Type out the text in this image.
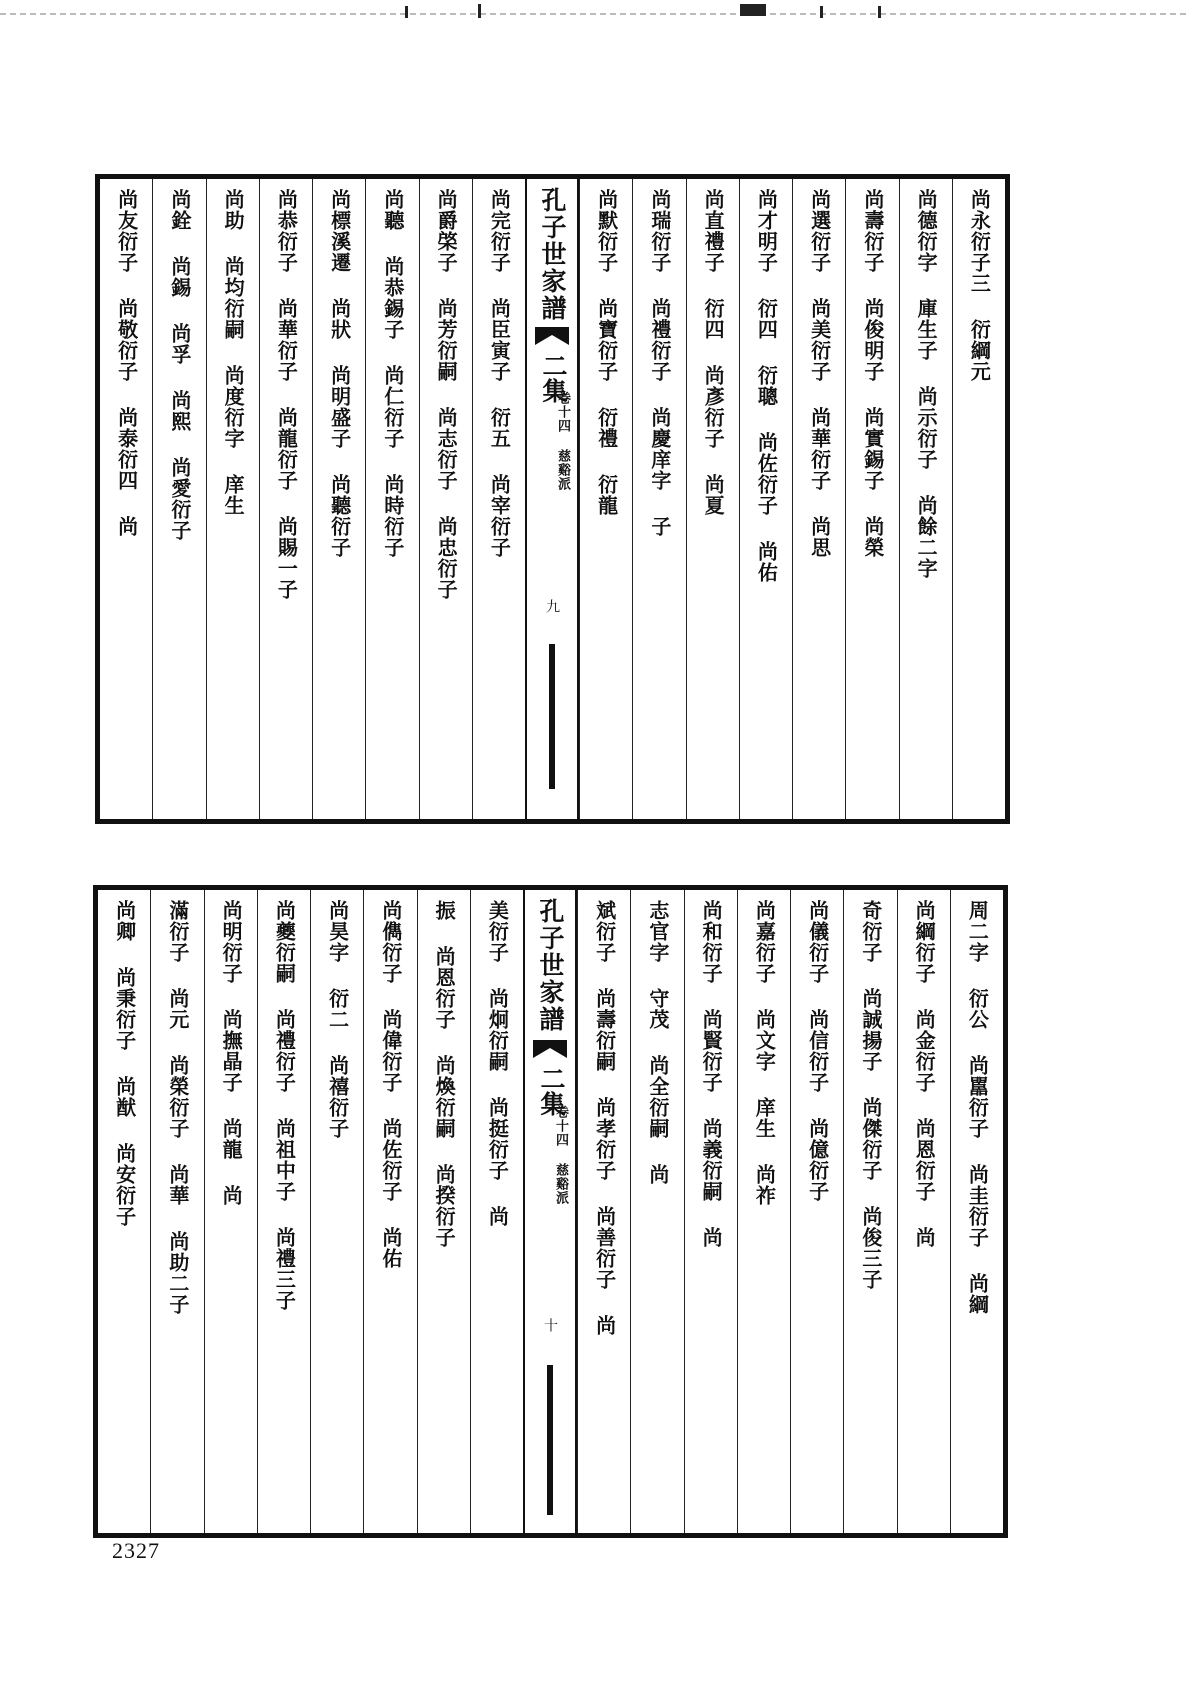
尚永衍子三 衍綱元
尚德衍字 庫生子 尚示衍子 尚餘二字
尚壽衍子 尚俊明子 尚實錫子 尚榮
尚選衍子 尚美衍子 尚華衍子 尚思
尚才明子 衍四 衍聰 尚佐衍子 尚佑
尚直禮子 衍四 尚彥衍子 尚夏
尚瑞衍子 尚禮衍子 尚慶庠字 子
尚默衍子 尚寶衍子 衍禮 衍龍
孔子世家譜
二集
卷十四 慈谿派
九
尚完衍子 尚臣寅子 衍五 尚宰衍子
尚爵棨子 尚芳衍嗣 尚志衍子 尚忠衍子
尚聽 尚恭錫子 尚仁衍子 尚時衍子
尚標溪遷 尚狀 尚明盛子 尚聽衍子
尚恭衍子 尚華衍子 尚龍衍子 尚賜一子
尚助 尚均衍嗣 尚度衍字 庠生
尚銓 尚錫 尚孚 尚熙 尚愛衍子
尚友衍子 尚敬衍子 尚泰衍四 尚
周二字 衍公 尚嚚衍子 尚圭衍子 尚綱
尚綱衍子 尚金衍子 尚恩衍子 尚
奇衍子 尚誠揚子 尚傑衍子 尚俊三子
尚儀衍子 尚信衍子 尚億衍子
尚嘉衍子 尚文字 庠生 尚祚
尚和衍子 尚賢衍子 尚義衍嗣 尚
志官字 守茂 尚全衍嗣 尚
斌衍子 尚壽衍嗣 尚孝衍子 尚善衍子 尚
孔子世家譜
二集
卷十四 慈谿派
十
美衍子 尚炯衍嗣 尚挺衍子 尚
振 尚恩衍子 尚煥衍嗣 尚揆衍子
尚儁衍子 尚偉衍子 尚佐衍子 尚佑
尚昊字 衍二 尚禧衍子
尚夔衍嗣 尚禮衍子 尚祖中子 尚禮三子
尚明衍子 尚撫晶子 尚龍 尚
滿衍子 尚元 尚榮衍子 尚華 尚助二子
尚卿 尚秉衍子 尚猷 尚安衍子
2327
